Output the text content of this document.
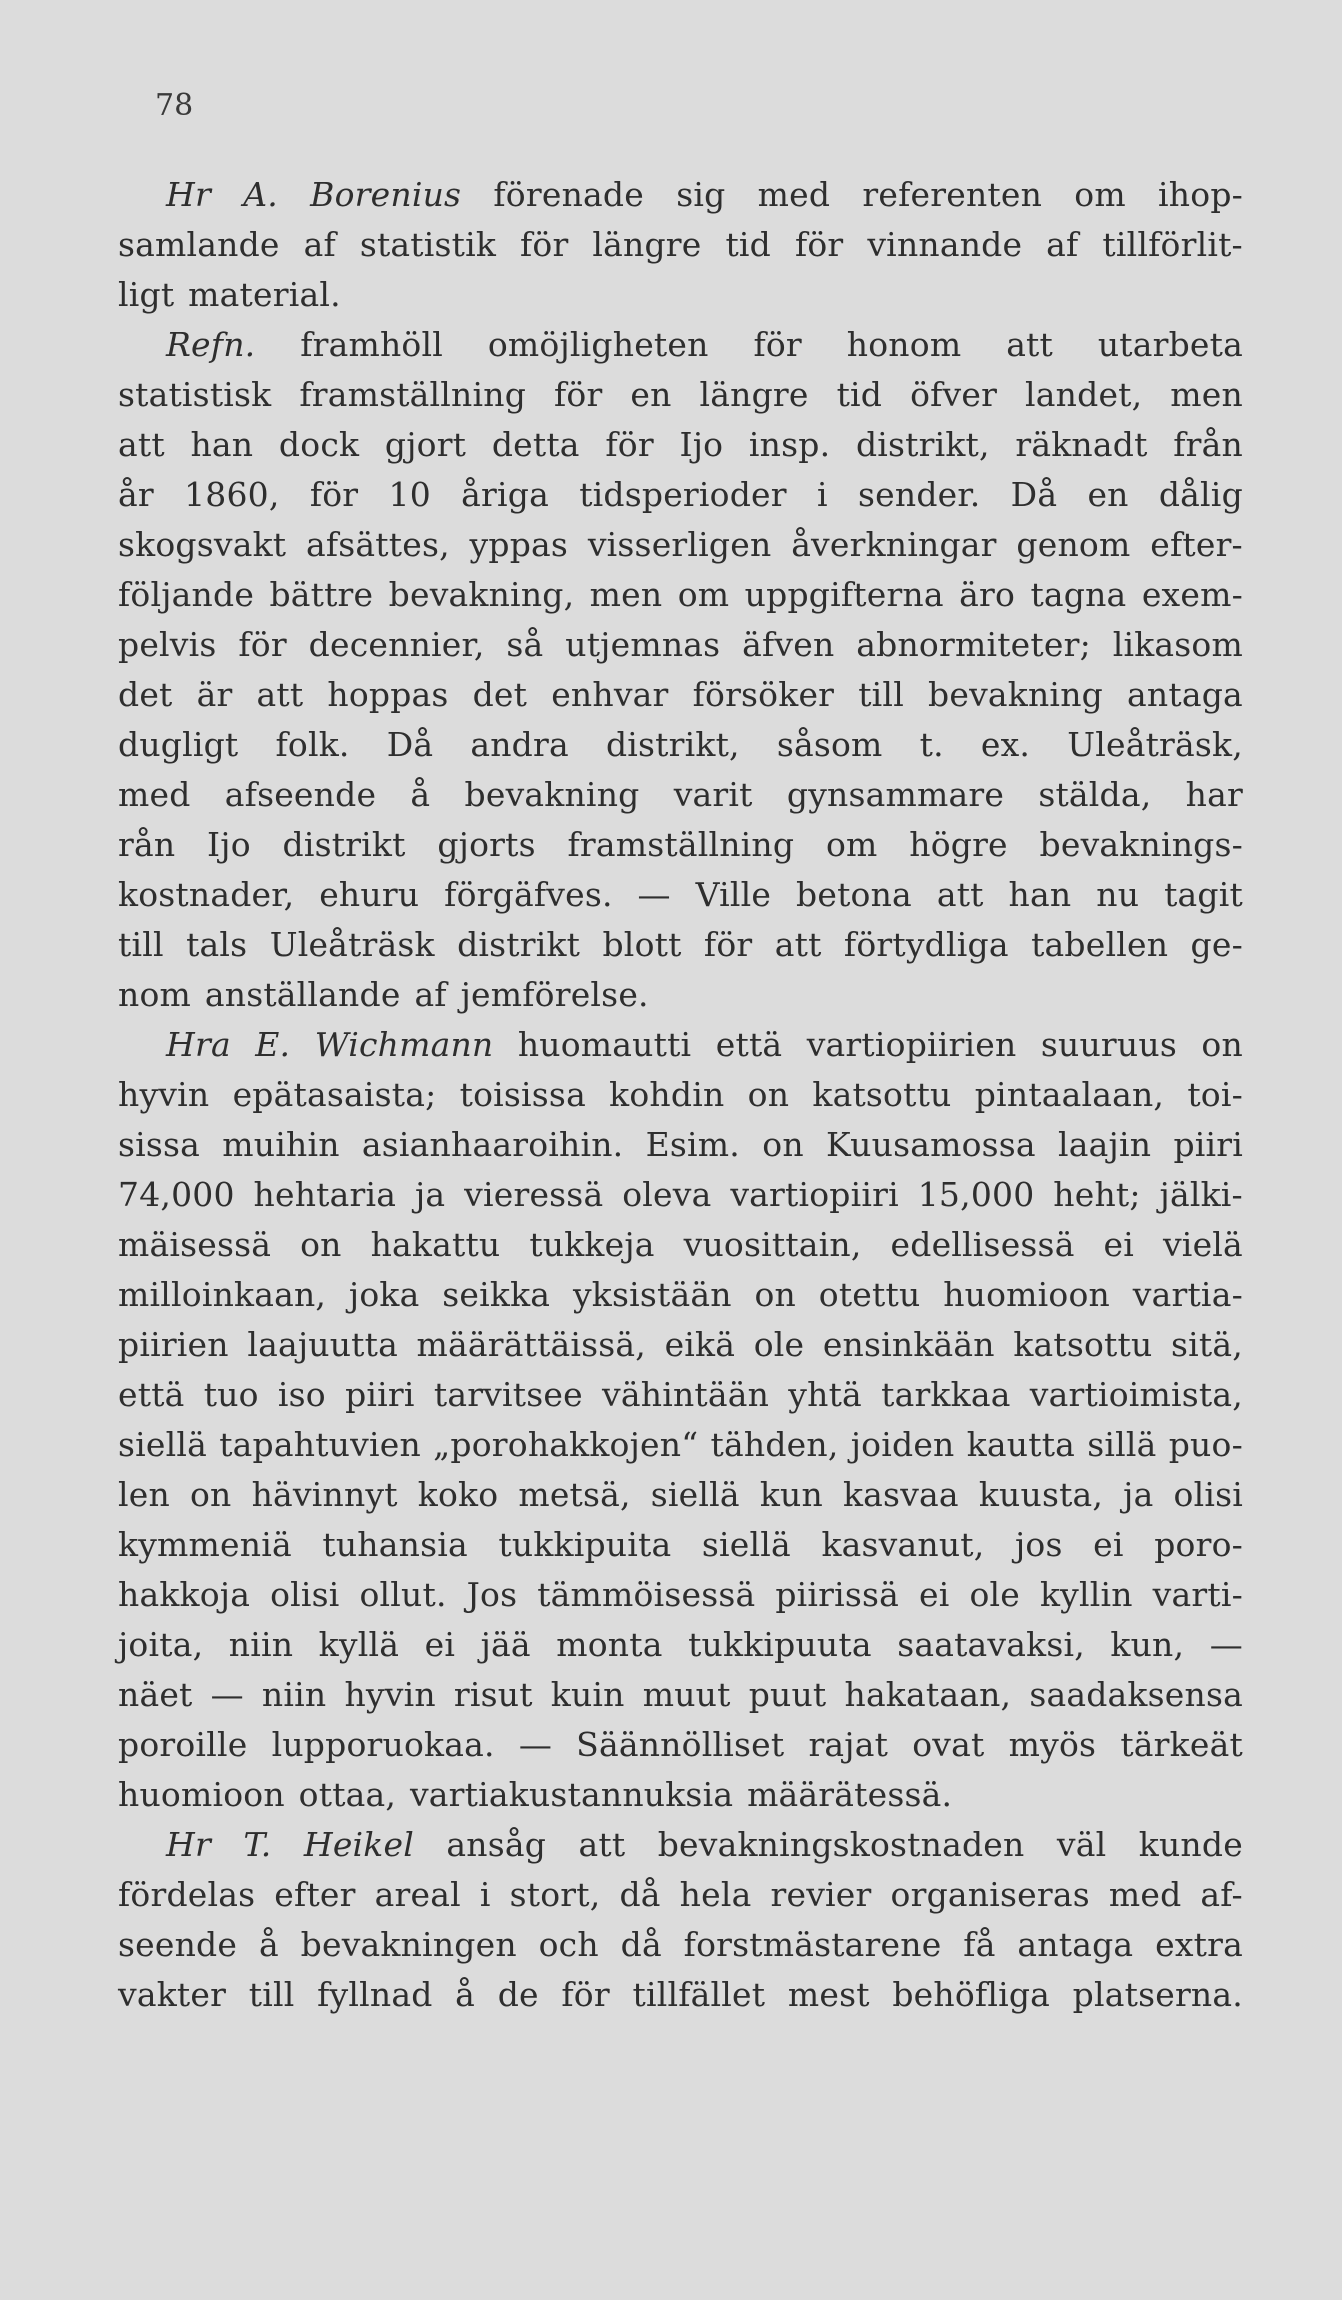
78
Hr A. Borenius förenade sig med referenten om ihop-
samlande af statistik för längre tid för vinnande af tillförlit-
ligt material.
Refn. framhöll omöjligheten för honom att utarbeta
statistisk framställning för en längre tid öfver landet, men
att han dock gjort detta för Ijo insp. distrikt, räknadt från
år 1860, för 10 åriga tidsperioder i sender. Då en dålig
skogsvakt afsättes, yppas visserligen åverkningar genom efter-
följande bättre bevakning, men om uppgifterna äro tagna exem-
pelvis för decennier, så utjemnas äfven abnormiteter; likasom
det är att hoppas det enhvar försöker till bevakning antaga
dugligt folk. Då andra distrikt, såsom t. ex. Uleåträsk,
med afseende å bevakning varit gynsammare stälda, har
rån Ijo distrikt gjorts framställning om högre bevaknings-
kostnader, ehuru förgäfves. — Ville betona att han nu tagit
till tals Uleåträsk distrikt blott för att förtydliga tabellen ge-
nom anställande af jemförelse.
Hra E. Wichmann huomautti että vartiopiirien suuruus on
hyvin epätasaista; toisissa kohdin on katsottu pintaalaan, toi-
sissa muihin asianhaaroihin. Esim. on Kuusamossa laajin piiri
74,000 hehtaria ja vieressä oleva vartiopiiri 15,000 heht; jälki-
mäisessä on hakattu tukkeja vuosittain, edellisessä ei vielä
milloinkaan, joka seikka yksistään on otettu huomioon vartia-
piirien laajuutta määrättäissä, eikä ole ensinkään katsottu sitä,
että tuo iso piiri tarvitsee vähintään yhtä tarkkaa vartioimista,
siellä tapahtuvien „porohakkojen“ tähden, joiden kautta sillä puo-
len on hävinnyt koko metsä, siellä kun kasvaa kuusta, ja olisi
kymmeniä tuhansia tukkipuita siellä kasvanut, jos ei poro-
hakkoja olisi ollut. Jos tämmöisessä piirissä ei ole kyllin varti-
joita, niin kyllä ei jää monta tukkipuuta saatavaksi, kun, —
näet — niin hyvin risut kuin muut puut hakataan, saadaksensa
poroille lupporuokaa. — Säännölliset rajat ovat myös tärkeät
huomioon ottaa, vartiakustannuksia määrätessä.
Hr T. Heikel ansåg att bevakningskostnaden väl kunde
fördelas efter areal i stort, då hela revier organiseras med af-
seende å bevakningen och då forstmästarene få antaga extra
vakter till fyllnad å de för tillfället mest behöfliga platserna.
